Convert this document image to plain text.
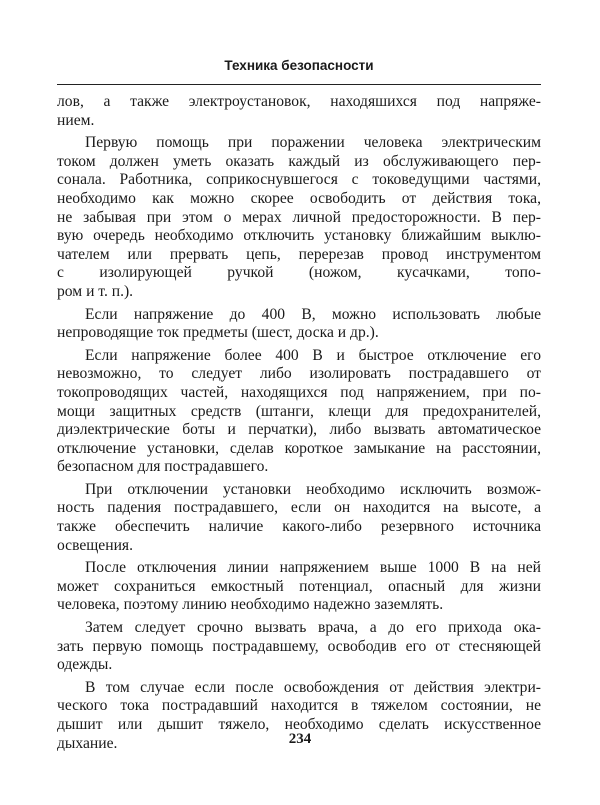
Техника безопасности
лов, а также электроустановок, находяшихся под напряже-
нием.
Первую помощь при поражении человека электрическим
током должен уметь оказать каждый из обслуживающего пер-
сонала. Работника, соприкоснувшегося с токоведущими частями,
необходимо как можно скорее освободить от действия тока,
не забывая при этом о мерах личной предосторожности. В пер-
вую очередь необходимо отключить установку ближайшим выклю-
чателем или прервать цепь, перерезав провод инструментом
с изолирующей ручкой (ножом, кусачками, топо-
ром и т. п.).
Если напряжение до 400 В, можно использовать любые
непроводящие ток предметы (шест, доска и др.).
Если напряжение более 400 В и быстрое отключение его
невозможно, то следует либо изолировать пострадавшего от
токопроводящих частей, находящихся под напряжением, при по-
мощи защитных средств (штанги, клещи для предохранителей,
диэлектрические боты и перчатки), либо вызвать автоматическое
отключение установки, сделав короткое замыкание на расстоянии,
безопасном для пострадавшего.
При отключении установки необходимо исключить возмож-
ность падения пострадавшего, если он находится на высоте, а
также обеспечить наличие какого-либо резервного источника
освещения.
После отключения линии напряжением выше 1000 В на ней
может сохраниться емкостный потенциал, опасный для жизни
человека, поэтому линию необходимо надежно заземлять.
Затем следует срочно вызвать врача, а до его прихода ока-
зать первую помощь пострадавшему, освободив его от стесняющей
одежды.
В том случае если после освобождения от действия электри-
ческого тока пострадавший находится в тяжелом состоянии, не
дышит или дышит тяжело, необходимо сделать искусственное
дыхание.	234
